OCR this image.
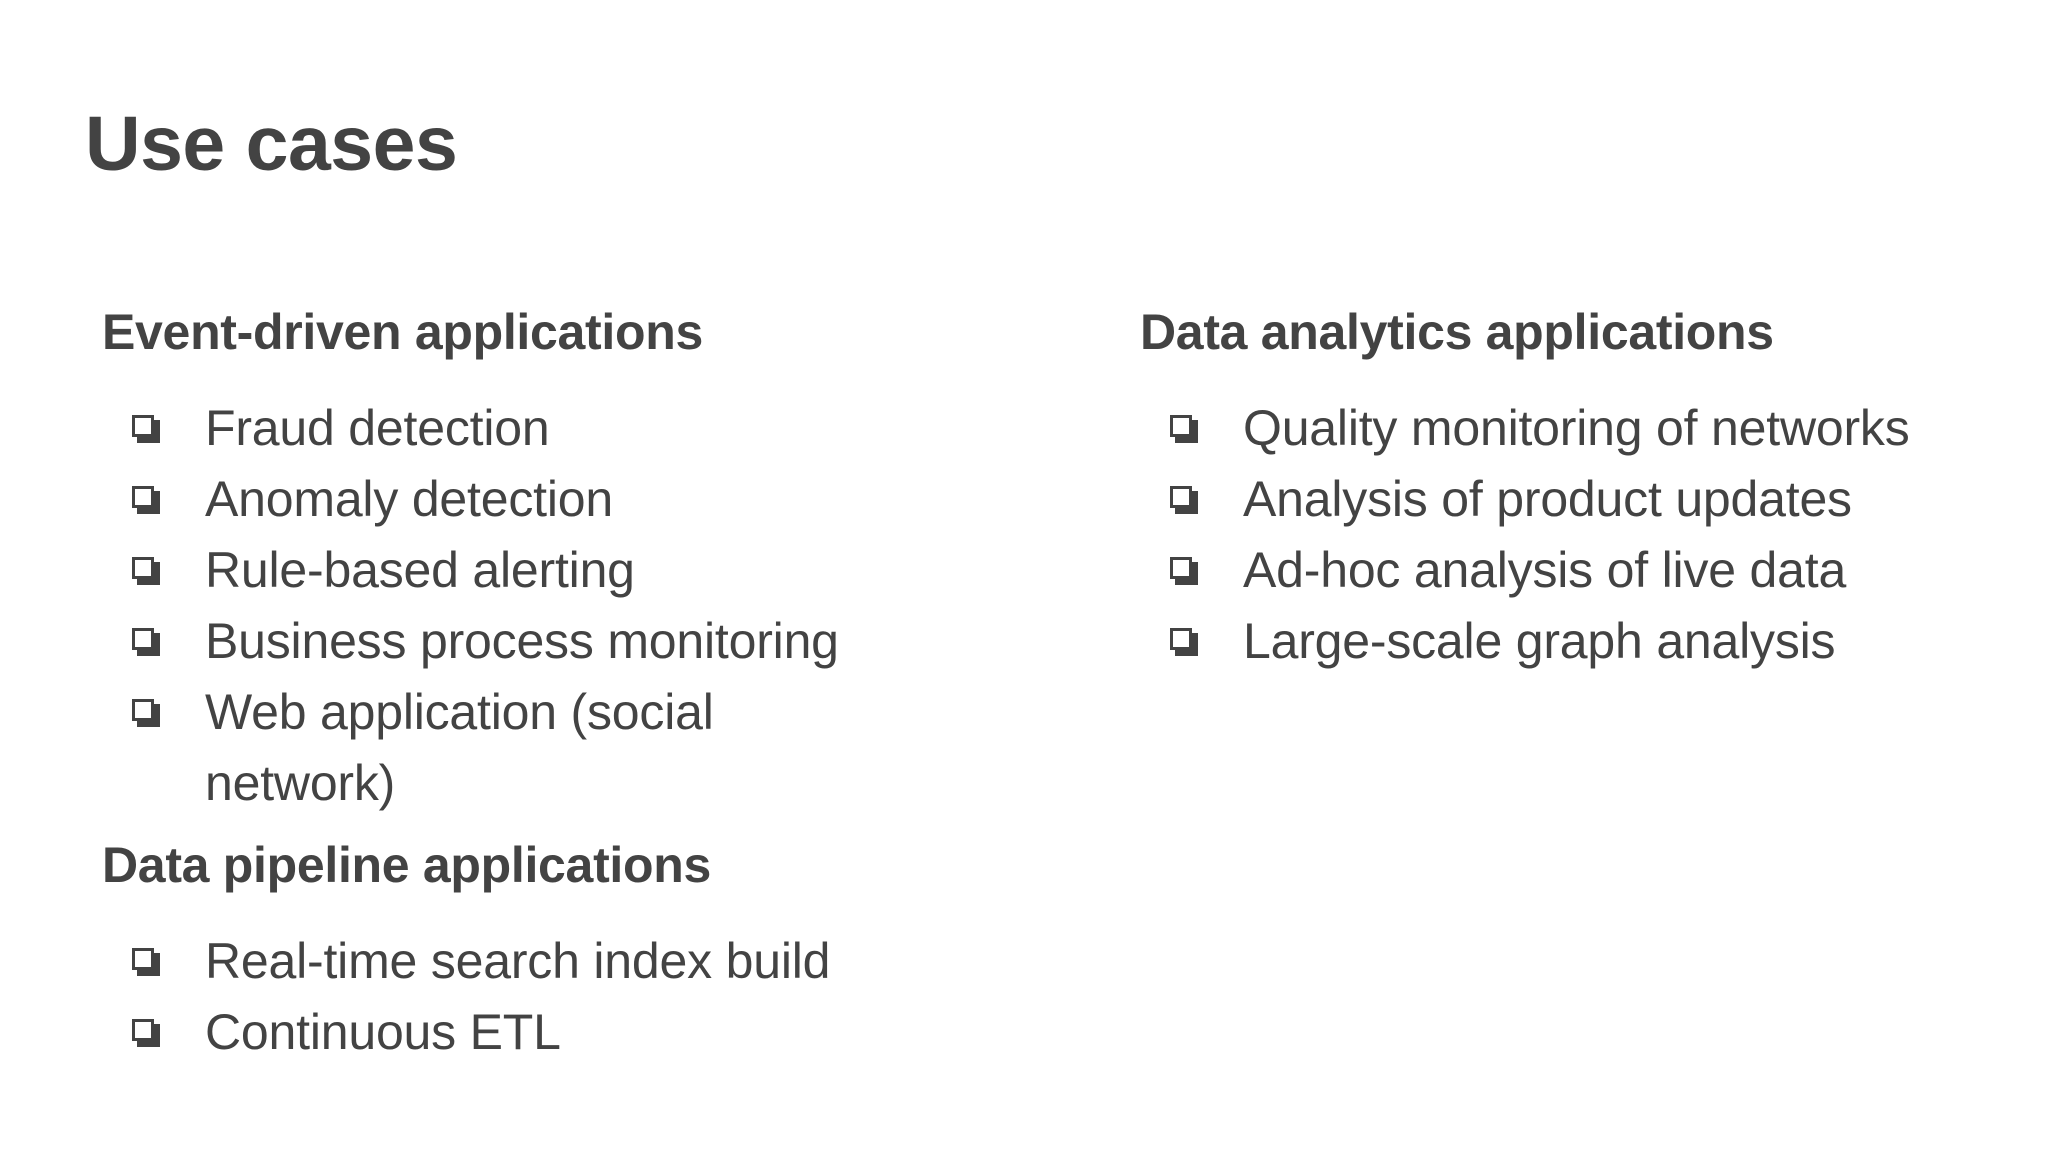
Use cases
Event-driven applications
Fraud detection
Anomaly detection
Rule-based alerting
Business process monitoring
Web application (social network)
Data pipeline applications
Real-time search index build
Continuous ETL
Data analytics applications
Quality monitoring of networks
Analysis of product updates
Ad-hoc analysis of live data
Large-scale graph analysis
